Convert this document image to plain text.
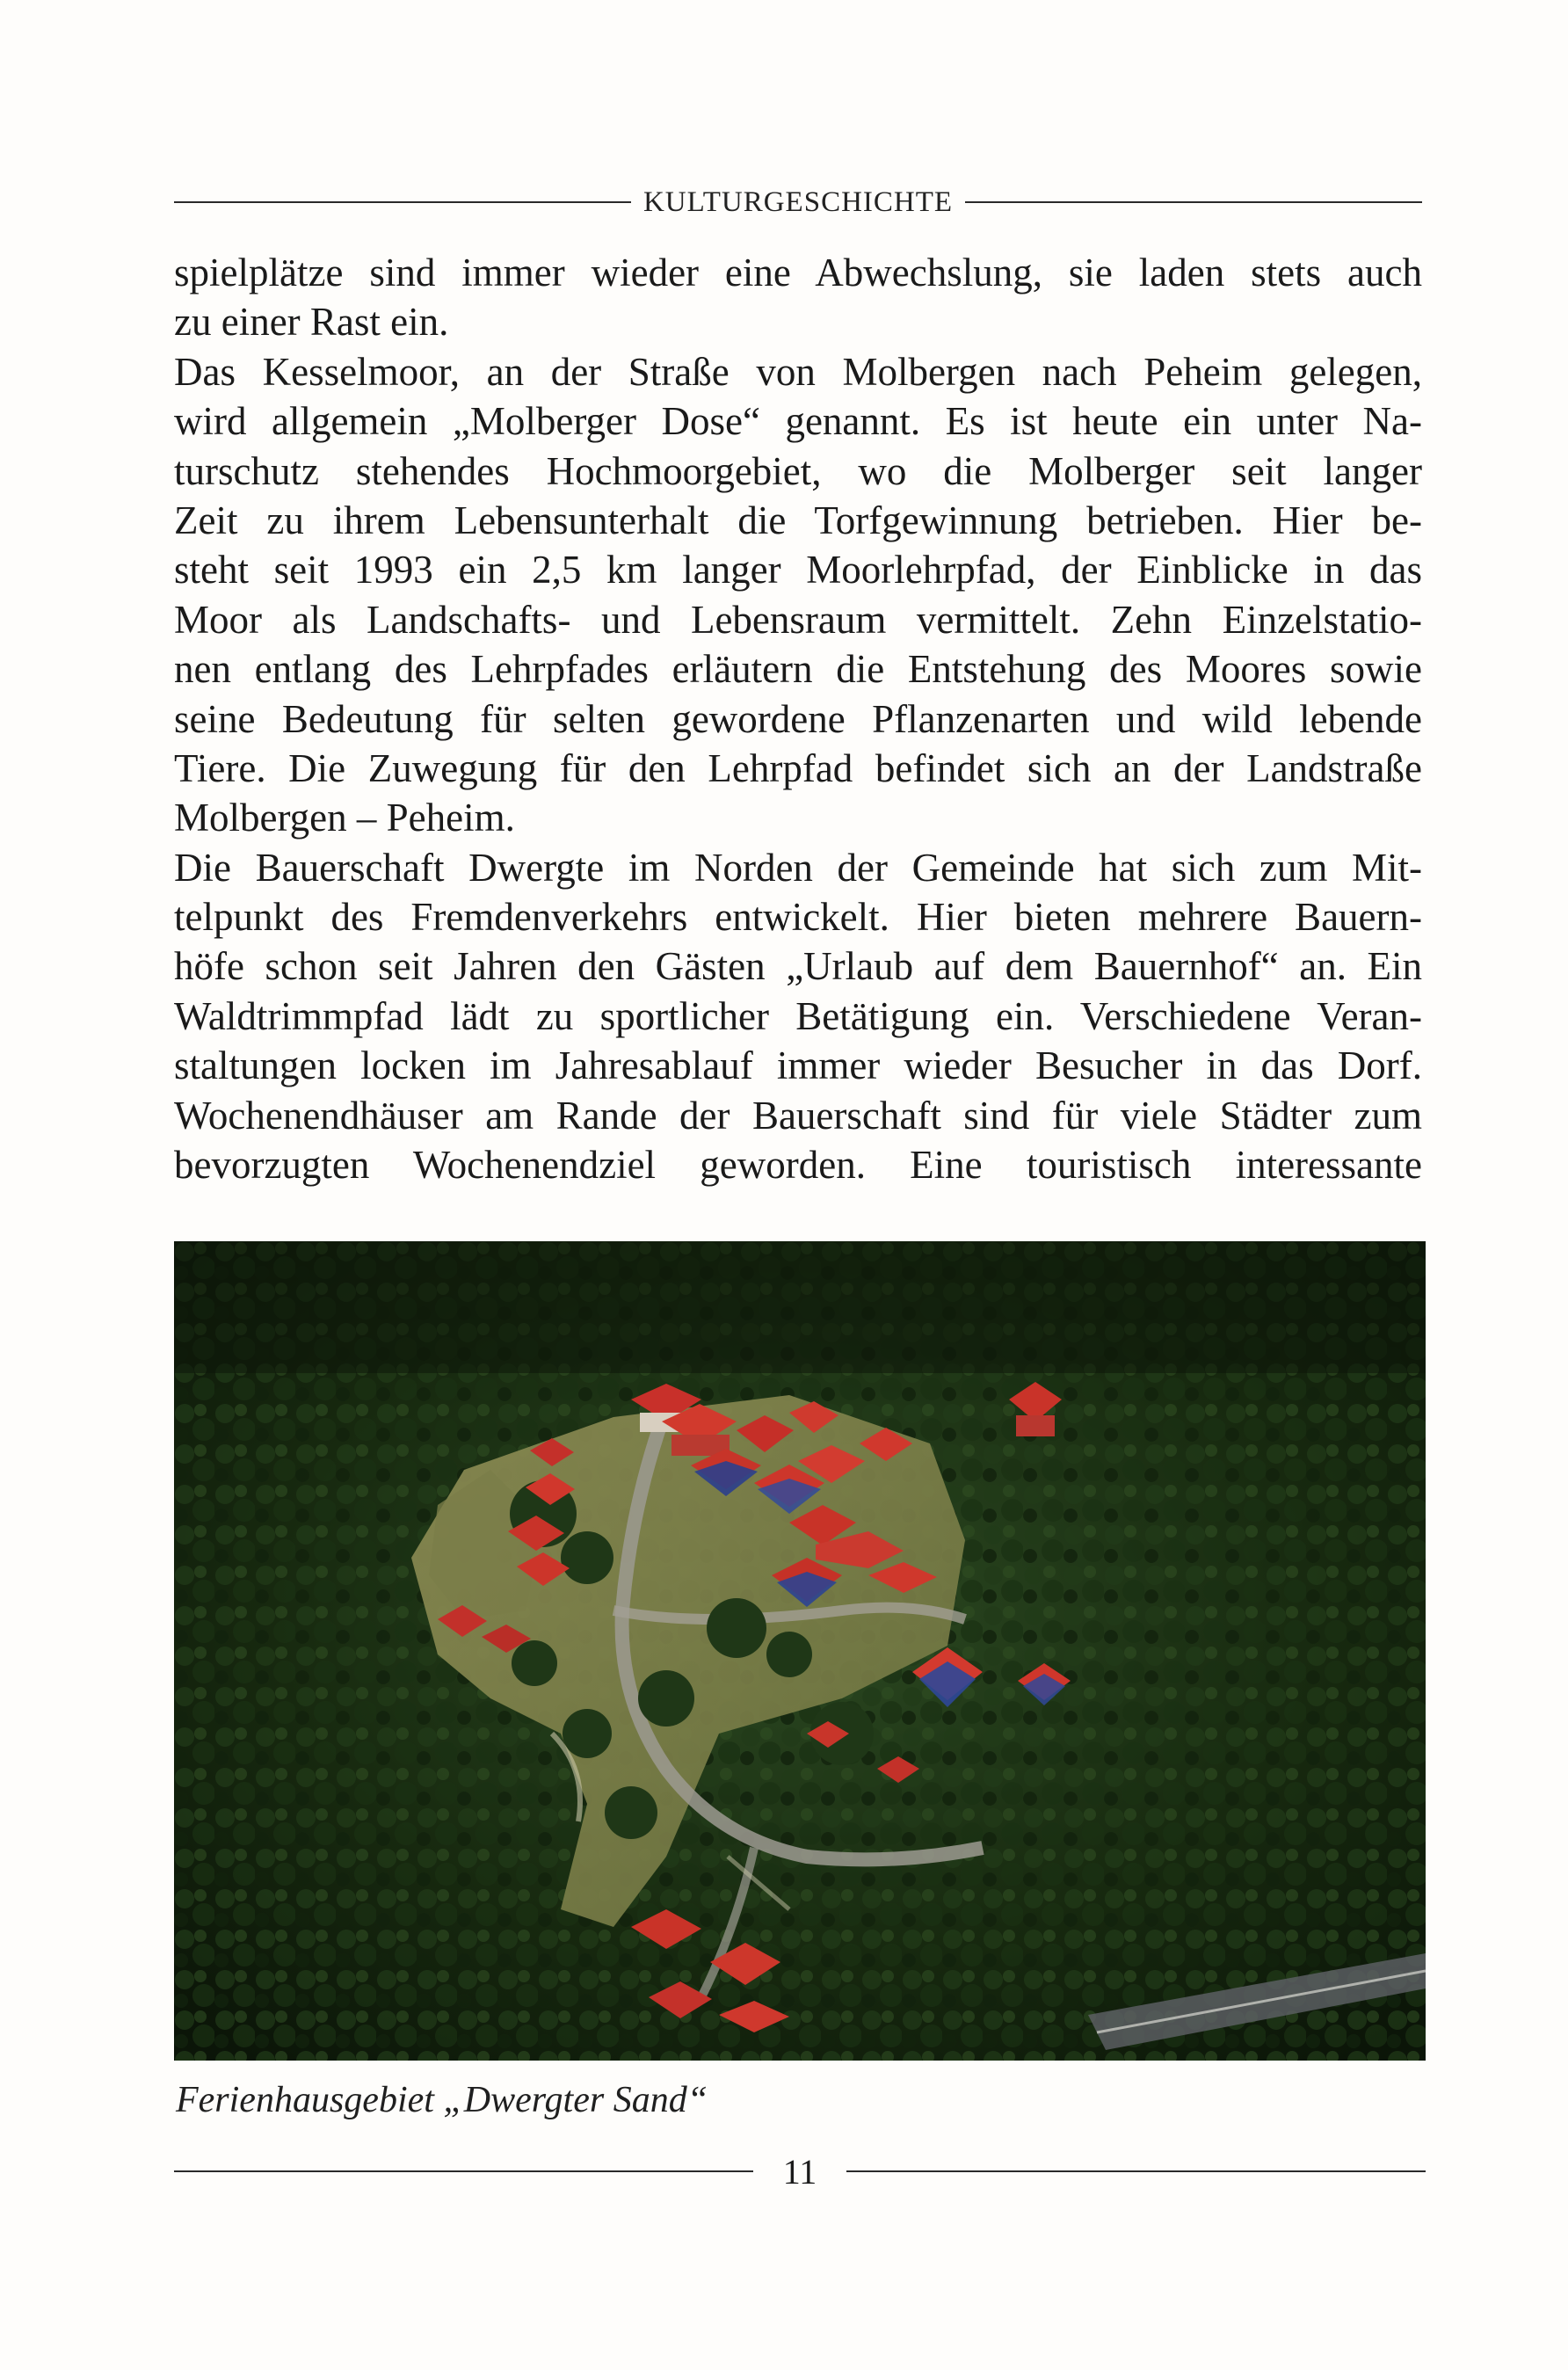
KULTURGESCHICHTE
spielplätze sind immer wieder eine Abwechslung, sie laden stets auch
zu einer Rast ein.
Das Kesselmoor, an der Straße von Molbergen nach Peheim gelegen,
wird allgemein „Molberger Dose“ genannt. Es ist heute ein unter Na-
turschutz stehendes Hochmoorgebiet, wo die Molberger seit langer
Zeit zu ihrem Lebensunterhalt die Torfgewinnung betrieben. Hier be-
steht seit 1993 ein 2,5 km langer Moorlehrpfad, der Einblicke in das
Moor als Landschafts- und Lebensraum vermittelt. Zehn Einzelstatio-
nen entlang des Lehrpfades erläutern die Entstehung des Moores sowie
seine Bedeutung für selten gewordene Pflanzenarten und wild lebende
Tiere. Die Zuwegung für den Lehrpfad befindet sich an der Landstraße
Molbergen – Peheim.
Die Bauerschaft Dwergte im Norden der Gemeinde hat sich zum Mit-
telpunkt des Fremdenverkehrs entwickelt. Hier bieten mehrere Bauern-
höfe schon seit Jahren den Gästen „Urlaub auf dem Bauernhof“ an. Ein
Waldtrimmpfad lädt zu sportlicher Betätigung ein. Verschiedene Veran-
staltungen locken im Jahresablauf immer wieder Besucher in das Dorf.
Wochenendhäuser am Rande der Bauerschaft sind für viele Städter zum
bevorzugten Wochenendziel geworden. Eine touristisch interessante
Ferienhausgebiet „Dwergter Sand“
11
